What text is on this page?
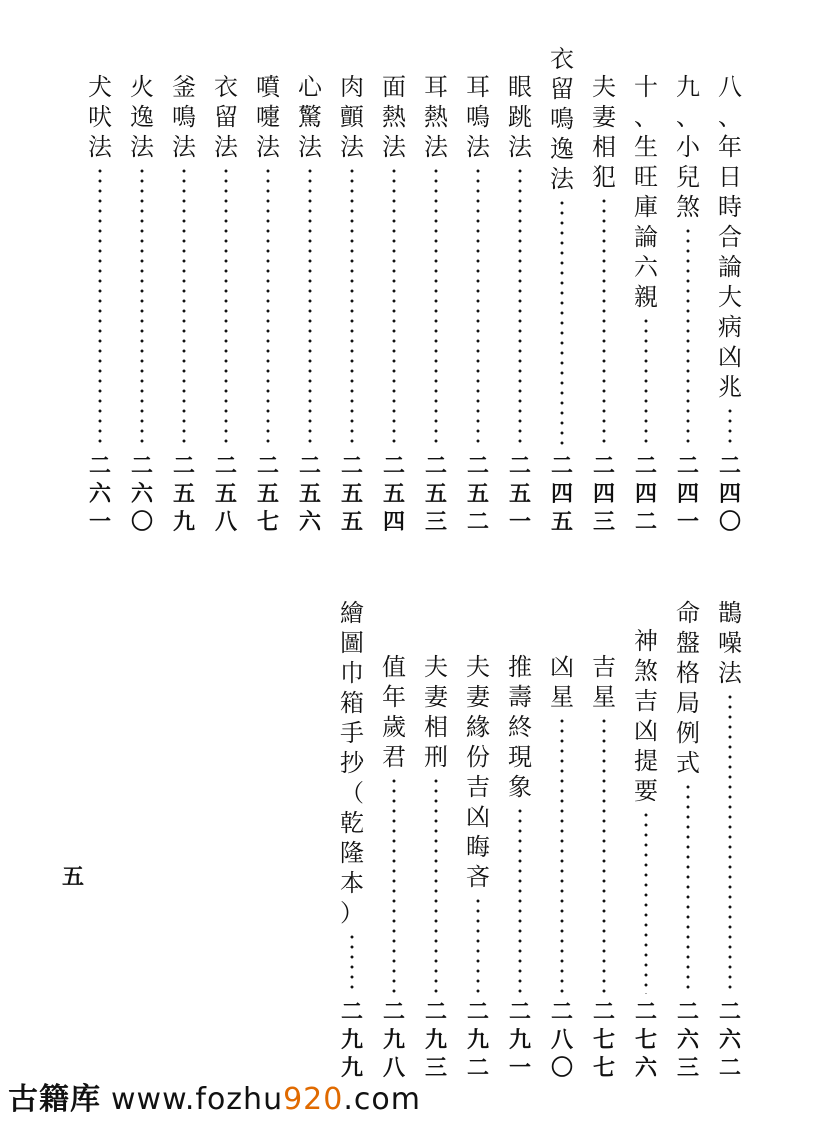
八
、
年
日
時
合
論
大
病
凶
兆
二
四
〇
九
、
小
兒
煞
二
四
一
十
、
生
旺
庫
論
六
親
二
四
二
夫
妻
相
犯
二
四
三
衣
留
鳴
逸
法
二
四
五
眼
跳
法
二
五
一
耳
鳴
法
二
五
二
耳
熱
法
二
五
三
面
熱
法
二
五
四
肉
顫
法
二
五
五
心
驚
法
二
五
六
噴
嚏
法
二
五
七
衣
留
法
二
五
八
釜
鳴
法
二
五
九
火
逸
法
二
六
〇
犬
吠
法
二
六
一
鵲
噪
法
二
六
二
命
盤
格
局
例
式
二
六
三
神
煞
吉
凶
提
要
二
七
六
吉
星
二
七
七
凶
星
二
八
〇
推
壽
終
現
象
二
九
一
夫
妻
緣
份
吉
凶
晦
吝
二
九
二
夫
妻
相
刑
二
九
三
值
年
歲
君
二
九
八
繪
圖
巾
箱
手
抄
（
乾
隆
本
）
二
九
九
五
古籍库 www.fozhu920.com
